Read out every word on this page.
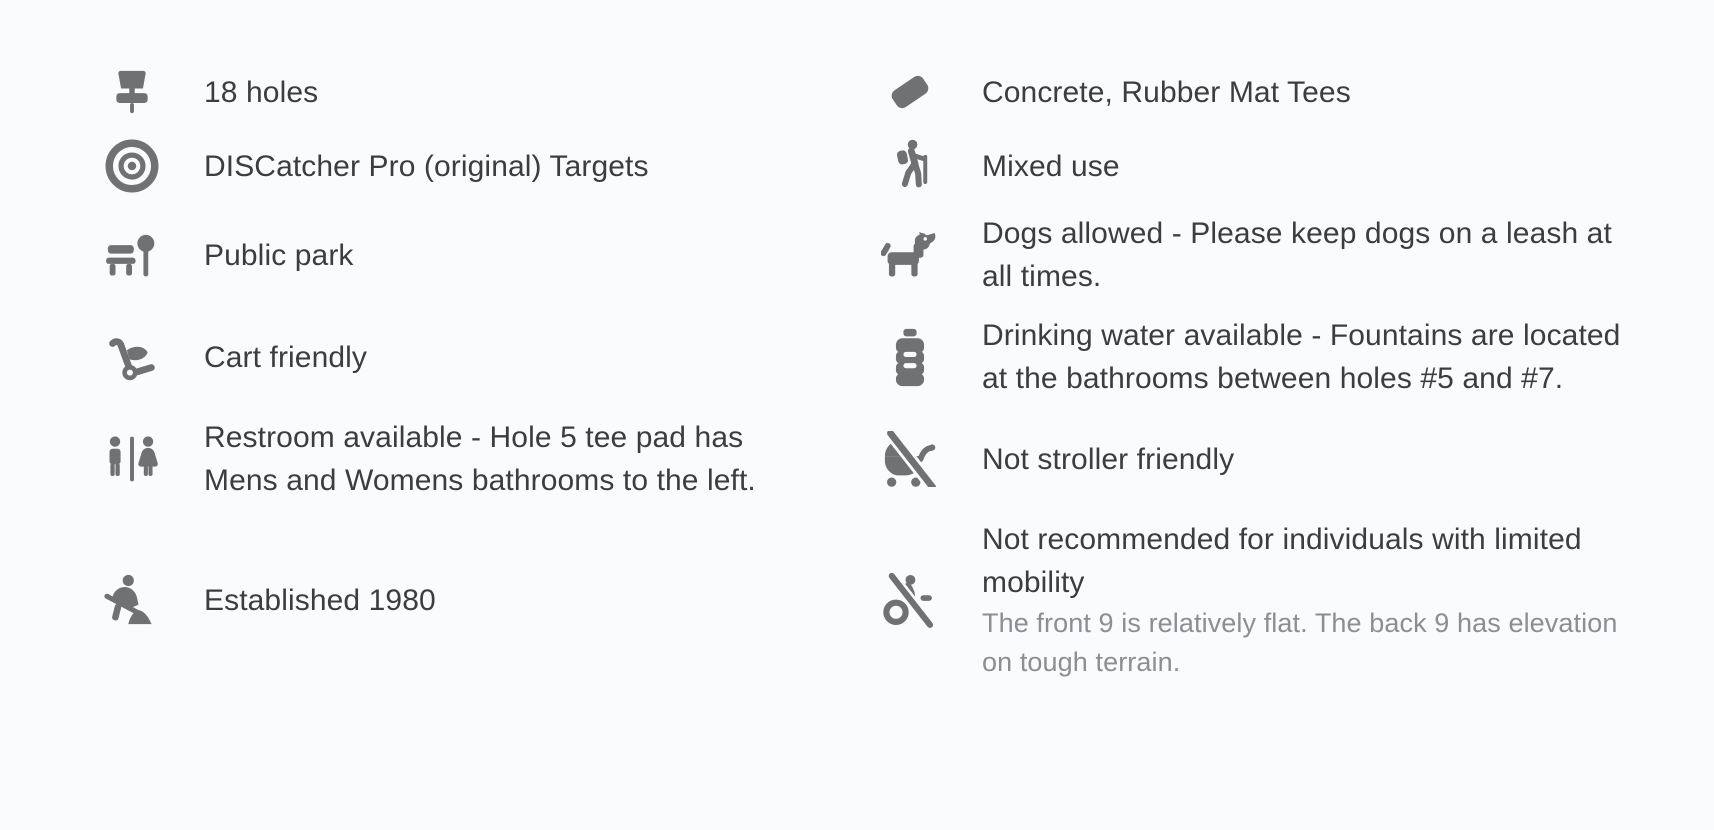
18 holes	Concrete, Rubber Mat Tees
DISCatcher Pro (original) Targets	Mixed use
Public park
Dogs allowed - Please keep dogs on a leash at all times.
Cart friendly
Drinking water available - Fountains are located at the bathrooms between holes #5 and #7.
Restroom available - Hole 5 tee pad has Mens and Womens bathrooms to the left.
Not stroller friendly
Established 1980
Not recommended for individuals with limited mobility
The front 9 is relatively flat. The back 9 has elevation on tough terrain.
